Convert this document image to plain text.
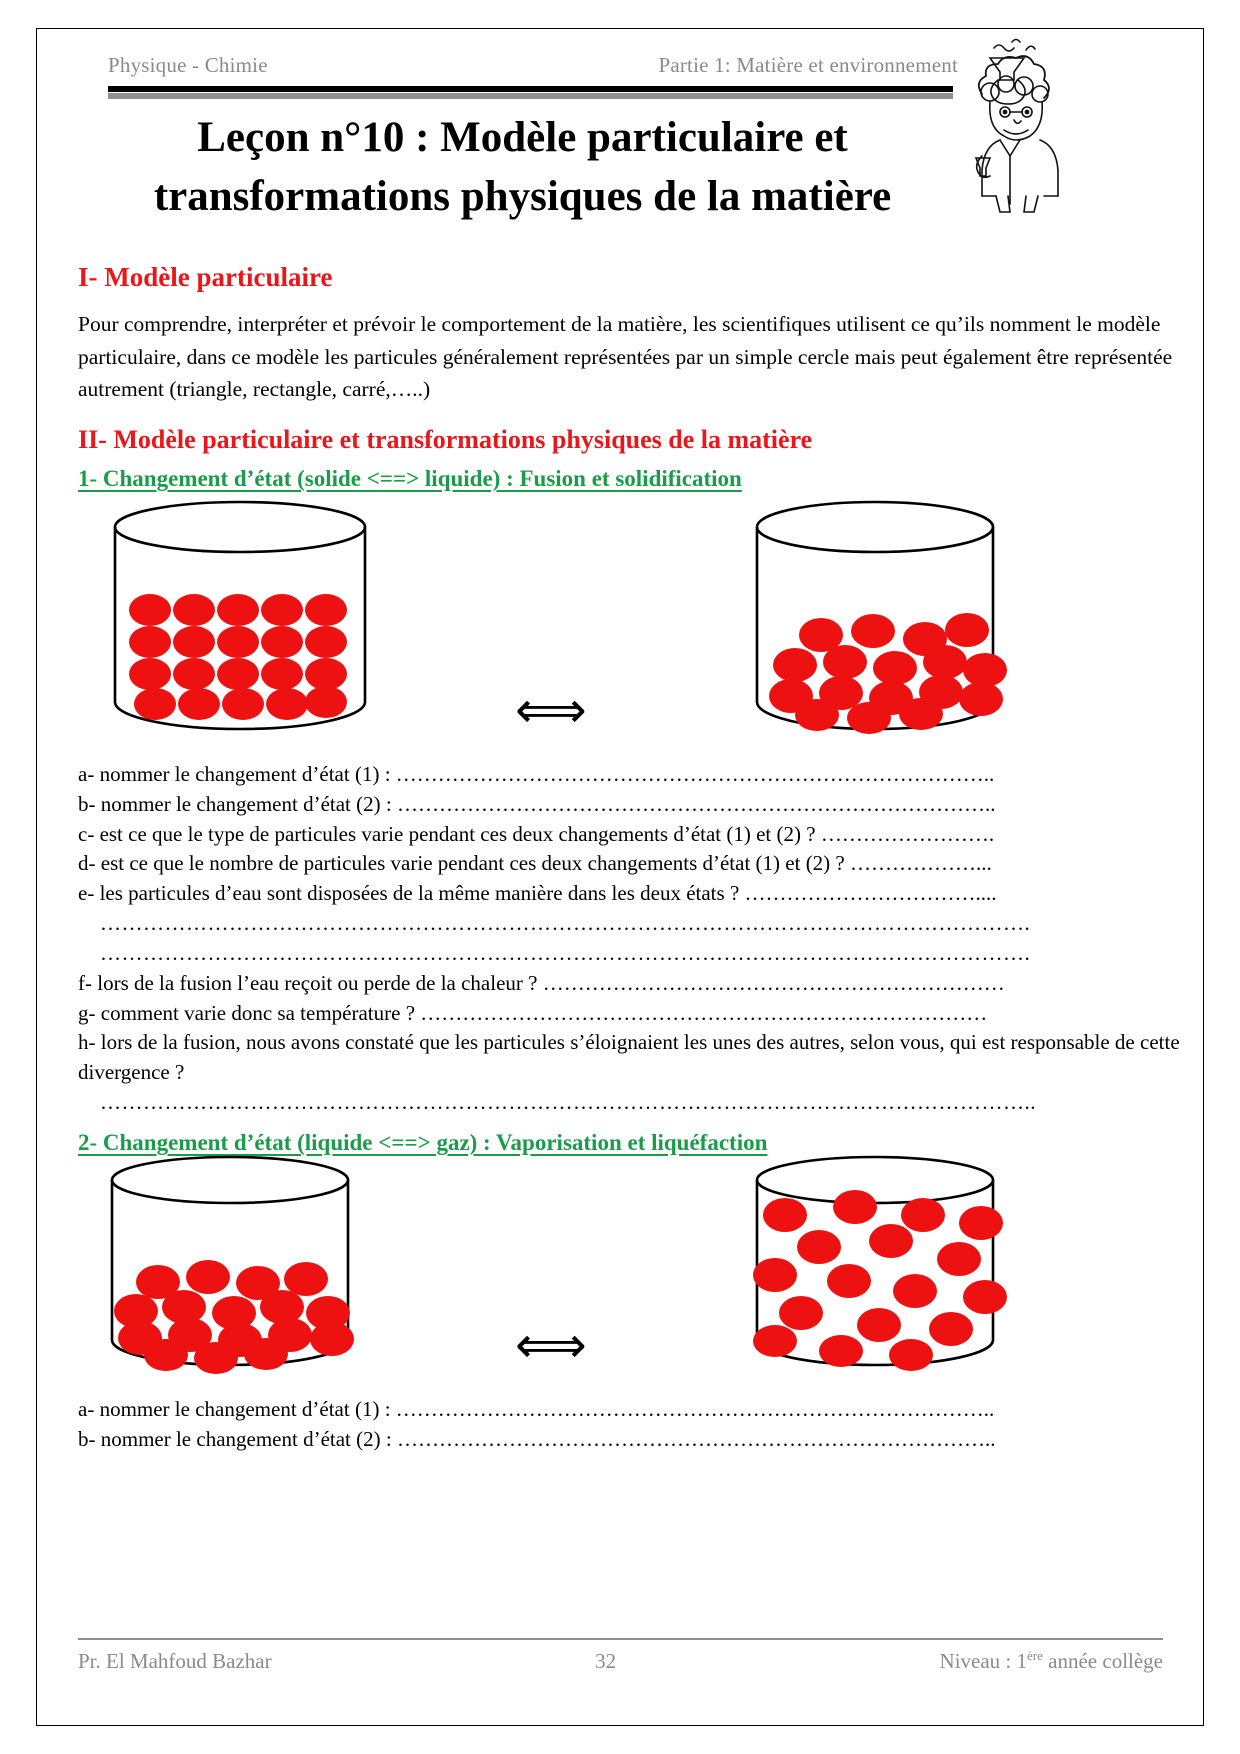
Physique - Chimie	Partie 1: Matière et environnement
Leçon n°10 : Modèle particulaire et transformations physiques de la matière
I- Modèle particulaire

Pour comprendre, interpréter et prévoir le comportement de la matière, les scientifiques utilisent ce qu’ils nomment le modèle particulaire, dans ce modèle les particules généralement représentées par un simple cercle mais peut également être représentée autrement (triangle, rectangle, carré,…..)

II- Modèle particulaire et transformations physiques de la matière
1- Changement d’état (solide <==> liquide) : Fusion et solidification
⟺
a- nommer le changement d’état (1) : …………………………………………………………………………..
b- nommer le changement d’état (2) : …………………………………………………………………………..
c- est ce que le type de particules varie pendant ces deux changements d’état (1) et (2) ? …………………….
d- est ce que le nombre de particules varie pendant ces deux changements d’état (1) et (2) ? ………………...
e- les particules d’eau sont disposées de la même manière dans les deux états ? ……………………………....
………………………………………………………………………………………………………………….
………………………………………………………………………………………………………………….
f- lors de la fusion l’eau reçoit ou perde de la chaleur ? …………………………………………………………
g- comment varie donc sa température ? ………………………………………………………………………
h- lors de la fusion, nous avons constaté que les particules s’éloignaient les unes des autres, selon vous, qui est responsable de cette divergence ?
…………………………………………………………………………………………………………………..
2- Changement d’état (liquide <==> gaz) : Vaporisation et liquéfaction
⟺
a- nommer le changement d’état (1) : …………………………………………………………………………..
b- nommer le changement d’état (2) : …………………………………………………………………………..
Pr. El Mahfoud Bazhar	32	Niveau : 1ère année collège
